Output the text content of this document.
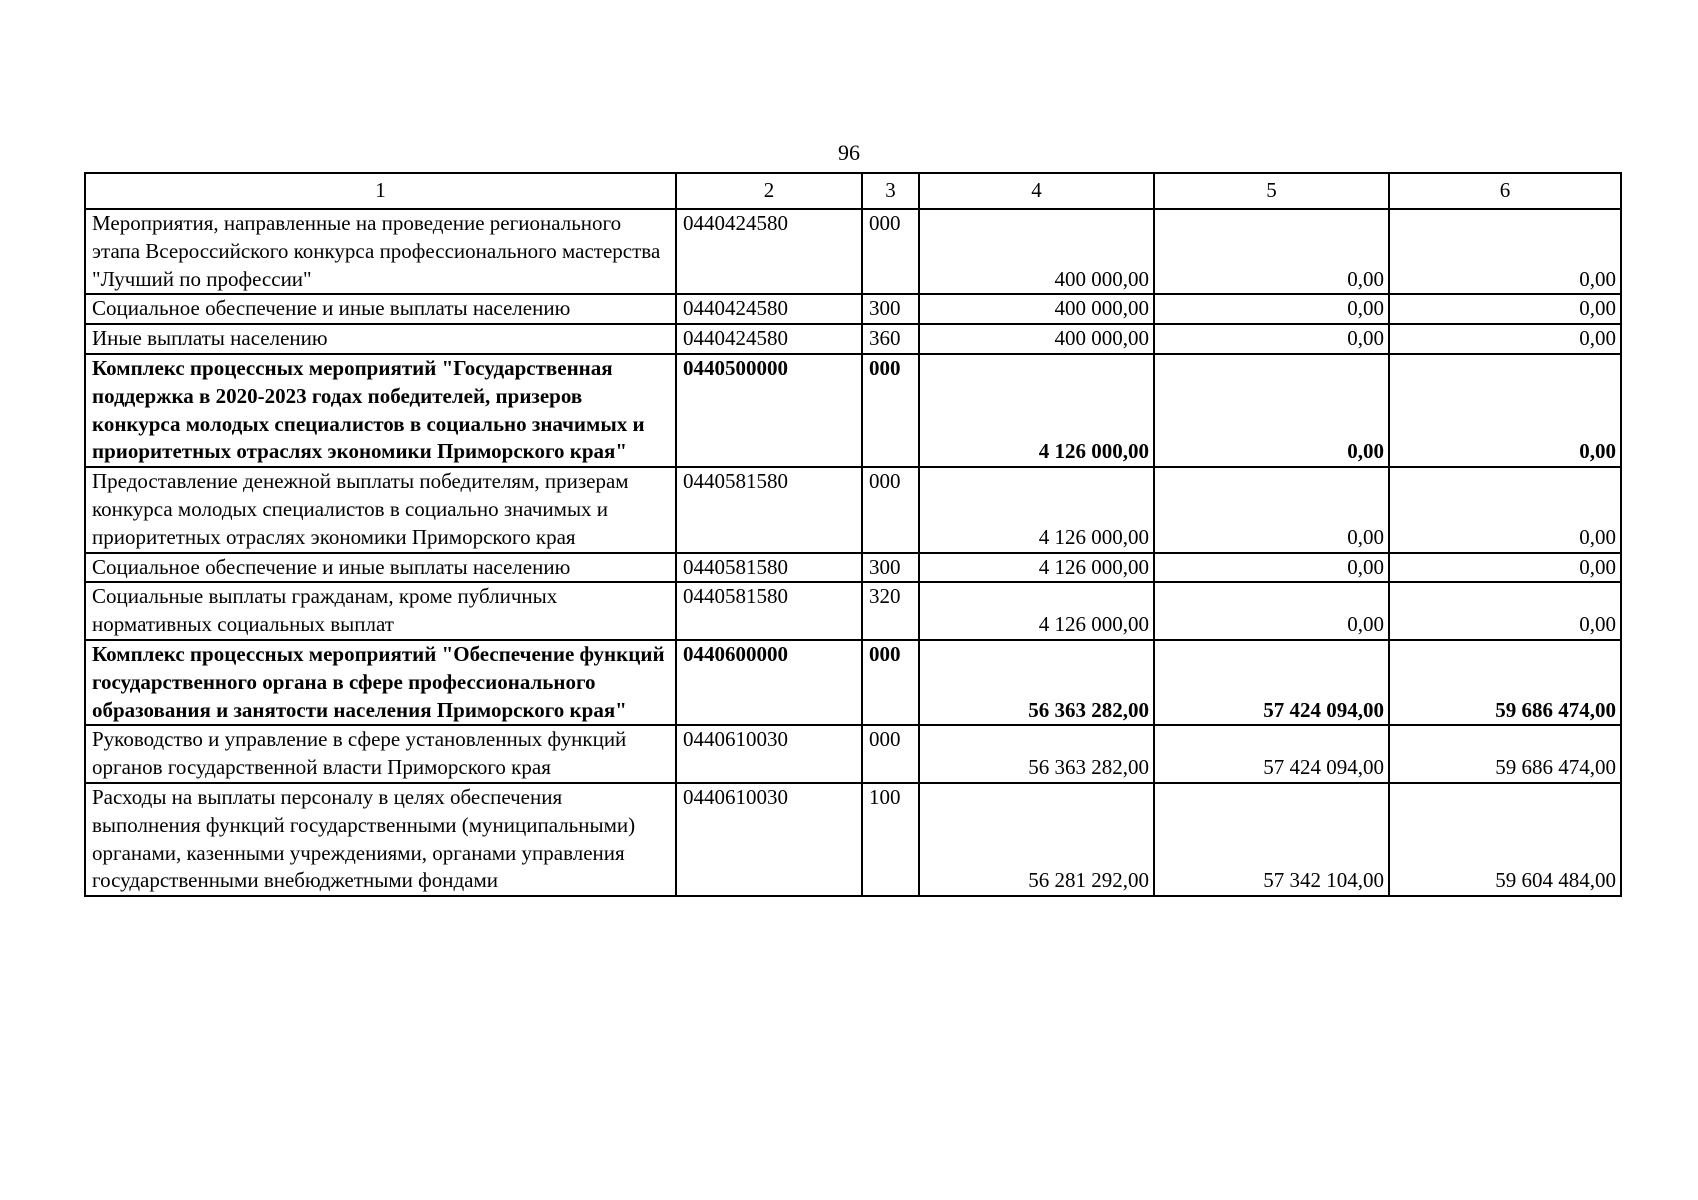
96
1	2	3	4	5	6
Мероприятия, направленные на проведение регионального этапа Всероссийского конкурса профессионального мастерства "Лучший по профессии"	0440424580	000	400 000,00	0,00	0,00
Социальное обеспечение и иные выплаты населению	0440424580	300	400 000,00	0,00	0,00
Иные выплаты населению	0440424580	360	400 000,00	0,00	0,00
Комплекс процессных мероприятий "Государственная поддержка в 2020-2023 годах победителей, призеров конкурса молодых специалистов в социально значимых и приоритетных отраслях экономики Приморского края"	0440500000	000	4 126 000,00	0,00	0,00
Предоставление денежной выплаты победителям, призерам конкурса молодых специалистов в социально значимых и приоритетных отраслях экономики Приморского края	0440581580	000	4 126 000,00	0,00	0,00
Социальное обеспечение и иные выплаты населению	0440581580	300	4 126 000,00	0,00	0,00
Социальные выплаты гражданам, кроме публичных нормативных социальных выплат	0440581580	320	4 126 000,00	0,00	0,00
Комплекс процессных мероприятий "Обеспечение функций государственного органа в сфере профессионального образования и занятости населения Приморского края"	0440600000	000	56 363 282,00	57 424 094,00	59 686 474,00
Руководство и управление в сфере установленных функций органов государственной власти Приморского края	0440610030	000	56 363 282,00	57 424 094,00	59 686 474,00
Расходы на выплаты персоналу в целях обеспечения выполнения функций государственными (муниципальными) органами, казенными учреждениями, органами управления государственными внебюджетными фондами	0440610030	100	56 281 292,00	57 342 104,00	59 604 484,00
